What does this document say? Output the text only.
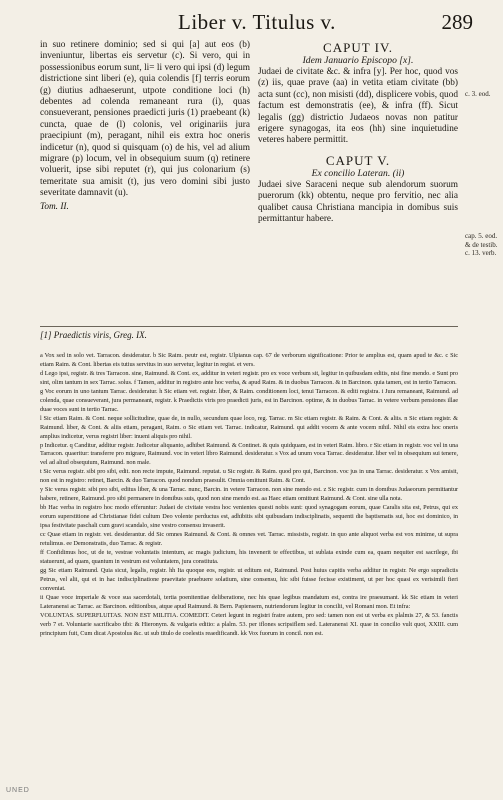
Liber v. Titulus v.	289

in suo retinere dominio; sed si qui [a] aut eos (b) inveniuntur, libertas eis servetur (c). Si vero, qui in possessionibus eorum sunt, li= li vero qui ipsi (d) legum districtione sint liberi (e), quia colendis [f] terris eorum (g) diutius adhaeserunt, utpote conditione loci (h) debentes ad colenda remaneant rura (i), quas consueverant, pensiones praedicti juris (1) praebeant (k) cuncta, quae de (l) colonis, vel originariis jura praecipiunt (m), peragant, nihil eis extra hoc oneris indicetur (n), quod si quisquam (o) de his, vel ad alium migrare (p) locum, vel in obsequium suum (q) retinere voluerit, ipse sibi reputet (r), qui jus colonarium (s) temeritate sua amisit (t), jus vero domini sibi justo severitate damnavit (u).

Tom. II.

CAPUT IV.

Idem Januario Episcopo [x].

Judaei de civitate &c. & infra [y]. Per hoc, quod vos (z) iis, quae prave (aa) in vetita etiam civitate (bb) acta sunt (cc), non misisti (dd), displicere vobis, quod factum est demonstratis (ee), & infra (ff). Sicut legalis (gg) districtio Judaeos novas non patitur erigere synagogas, ita eos (hh) sine inquietudine veteres habere permittit.

CAPUT V.

Ex concilio Lateran. (ii)

Judaei sive Saraceni neque sub alendorum suorum puerorum (kk) obtentu, neque pro fervitio, nec alia qualibet causa Christiana mancipia in domibus suis permittantur habere.

c. 3. eod.
cap. 5. eod. & de testib. c. 13. verb.

[1] Praedictis viris, Greg. IX.

a Vox sed in solo vet. Tarracon. desideratur. b Sic Raim. peutr est, registr. Ulpianus cap. 67 de verborum significatione: Prior te amplius est, quam apud te &c. c Sic etiam Raim. & Cont. libertas eis tutius servitus in suo servetur, legitur in regist. et vers.

d Lego ipsi, registr. & tres Tarracon. sine, Raimund. & Cont. ex, additur in veteri registr. pro ex voce verbum sit, legitur in quibusdam editis, nisi fine mendo. e Sunt pro sint, olim tantum in sex Tarrac. solus. f Tamen, additur in registro ante hoc verba, & apud Raim. & in duobus Tarracon. & in Barcinon. quia tamen, est in tertio Tarracon.

g Voc eorum in uno tantum Tarrac. desideratur. h Sic etiam vet. registr. liber, & Raim. conditionem loci, tenui Tarracon. & editi registra. i Jura remaneant, Raimund. ad colenda, quae consueverant, jura permaneant, registr. k Praedictis viris pro praedicti juris, est in Barcinon. optime, & in duobus Tarrac. in vetere verbum pensiones illae duae voces sunt in tertio Tarrac.

l Sic etiam Raim. & Cont. neque sollicitudine, quae de, in nullo, secundum quae loco, reg. Tarrac. m Sic etiam registr. & Raim. & Cont. & aliis. n Sic etiam registr. & Raimund. liber, & Cont. & aliis etiam, peragant, Raim. o Sic etiam vet. Tarrac. indicatur, Raimund. qui addit vocem & ante vocem nihil. Nihil eis extra hoc oneris amplius indicetur, verus registri liber: inueni aliquis pro nihil.

p Indicetur. q Canditur, additur registr. Judicetur aliquanto, adhibet Raimund. & Continet. & quis quidquam, est in veteri Raim. libro. r Sic etiam in registr. voc vel in una Tarracon. quaeritur: transferre pro migrare, Raimund. voc in veteri libro Raimund. desideratur. s Vox ad unum voca Tarrac. desideratur. liber vel in obsequium sui tenere, vel ad aliud obsequium, Raimund. non male.

t Sic verus registr. sibi pro sibi, edit. non recte impute, Raimund. reputat. u Sic registr. & Raim. quod pro qui, Barcinon. voc jus in una Tarrac. desideratur. x Vox amisit, non est in registro: retinet, Barcin. & duo Tarracon. quod nondum praesulit. Omnia omittunt Raim. & Cont.

y Sic verus registr. sibi pro sibi, editus liber, & una Tarrac. nunc, Barcin. in vetere Tarracon. non sine mendo est. z Sic registr. cum in domibus Judaeorum permittantur habere, retinere, Raimund. pro sibi permanere in domibus suis, quod non sine mendo est. aa Haec etiam omittunt Raimund. & Cont. sine ulla nota.

bb Hac verba in registro hoc modo efferuntur: Judaei de civitate vestra hoc venientes questi nobis sunt: quod synagogam eorum, quae Caralis sita est, Petrus, qui ex eorum superstitione ad Christianae fidei cultum Deo volente perductus est, adhibitis sibi quibusdam indisciplinatis, sequenti die baptismatis sui, hoc est dominico, in ipsa festivitate paschali cum gravi scandalo, sine vestro consensu invaserit.

cc Quae etiam in registr. vet. desiderantur. dd Sic omnes Raimund. & Cont. & omnes vet. Tarrac. missistis, registr. in quo ante aliquot verba est vox minime, ut supra retulimus. ee Demonstratis, duo Tarrac. & registr.

ff Confidimus hoc, ut de te, vestrae voluntatis intentum, ac magis judicium, his invenerit te effectibus, ut sublata exinde cum ea, quam nequiter est sacrilege, ibi statuerunt, ad quam, quantum in vestrum est voluntatem, jura constituta.

gg Sic etiam Raimund. Quia sicut, legalis, registr. hh Ita quoque eos, registr. ut editum est, Raimund. Post huius capitis verba additur in registr. Ne ergo supradictis Petrus, vel alii, qui ei in hac indisciplinatione praevitate praebuere solatium, sine consensu, hic sibi fuisse fecisse existiment, ut per hoc quasi ex verisimili fieri conveniat.

ii Quae voce imperiale & voce sua sacerdotali, tertia poenitentiae deliberatione, nec his quae legibus mandatum est, contra ire praesumant. kk Sic etiam in veteri Lateranensi ac Tarrac. ac Barcinon. editionibus, atque apud Raimund. & Bern. Papiensem, nutriendorum legitur in concilii, vel Romani mon. Et infra:

VOLUNTAS. SUPERFLUITAS. NON EST MILITIA. COMEDIT. Ceteri legunt in registri fratre autem, pro sed: tamen non est ut verba ex plalmis 27, & 53. fanctis verb 7 et. Voluntarie sacrificabo tibi: & Hieronym. & vulgaris editio: a plalm. 53. per iflones scripsiflem sed. Lateranensi XI. quae in concilio vult quot, XXIII. cum principium fuit, Cum dicat Apostolus &c. ut sub titulo de coelestis reaedificandi. kk Vox fuorum in concil. non est.

UNED
